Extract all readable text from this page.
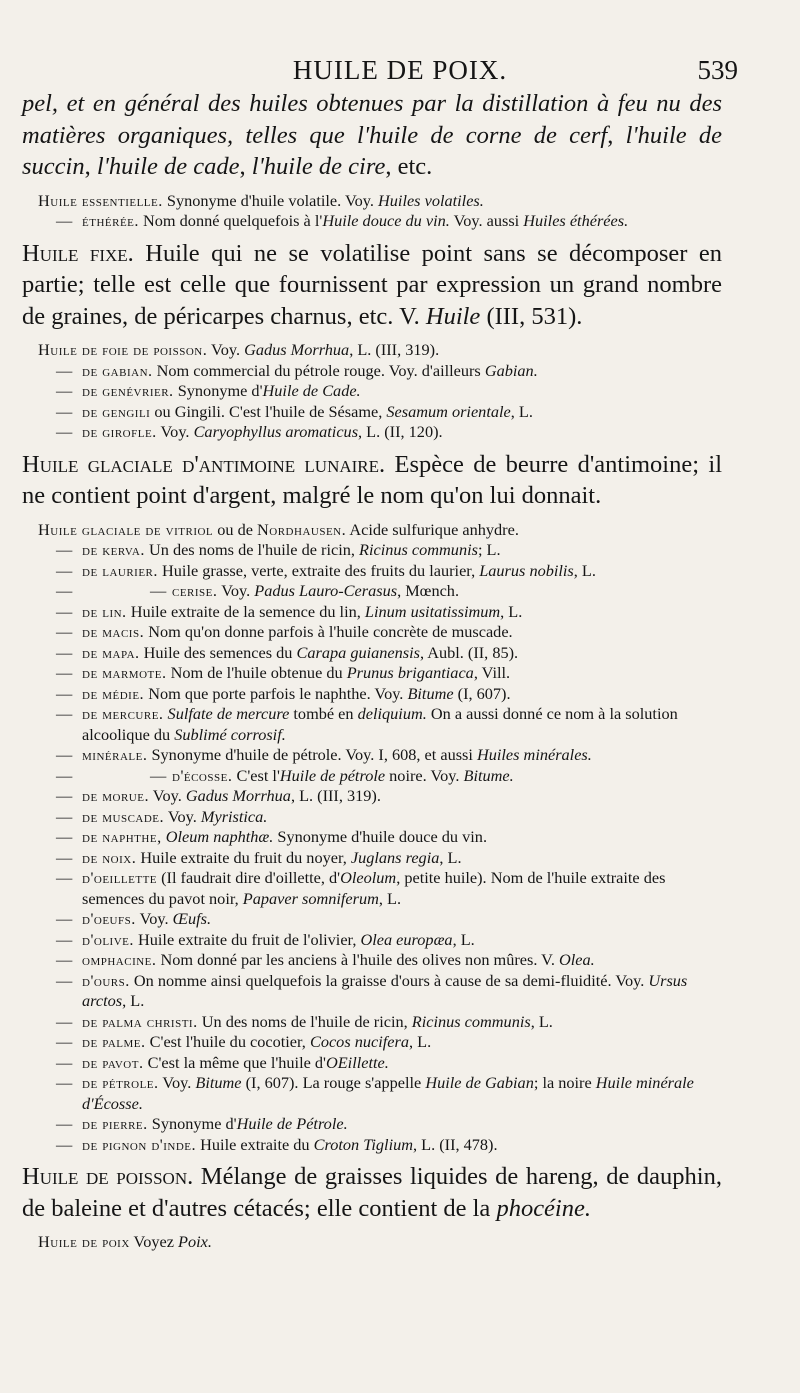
HUILE DE POIX.	539

pel, et en général des huiles obtenues par la distillation à feu nu des matières organiques, telles que l'huile de corne de cerf, l'huile de succin, l'huile de cade, l'huile de cire, etc.

Huile essentielle. Synonyme d'huile volatile. Voy. Huiles volatiles.

— éthérée. Nom donné quelquefois à l'Huile douce du vin. Voy. aussi Huiles éthérées.

Huile fixe. Huile qui ne se volatilise point sans se décomposer en partie; telle est celle que fournissent par expression un grand nombre de graines, de péricarpes charnus, etc. V. Huile (III, 531).

Huile de foie de poisson. Voy. Gadus Morrhua, L. (III, 319).

— de gabian. Nom commercial du pétrole rouge. Voy. d'ailleurs Gabian.

— de genévrier. Synonyme d'Huile de Cade.

— de gengili ou Gingili. C'est l'huile de Sésame, Sesamum orientale, L.

— de girofle. Voy. Caryophyllus aromaticus, L. (II, 120).

Huile glaciale d'antimoine lunaire. Espèce de beurre d'antimoine; il ne contient point d'argent, malgré le nom qu'on lui donnait.

Huile glaciale de vitriol ou de Nordhausen. Acide sulfurique anhydre.

— de kerva. Un des noms de l'huile de ricin, Ricinus communis; L.

— de laurier. Huile grasse, verte, extraite des fruits du laurier, Laurus nobilis, L.

—	— cerise. Voy. Padus Lauro-Cerasus, Mœnch.

— de lin. Huile extraite de la semence du lin, Linum usitatissimum, L.

— de macis. Nom qu'on donne parfois à l'huile concrète de muscade.

— de mapa. Huile des semences du Carapa guianensis, Aubl. (II, 85).

— de marmote. Nom de l'huile obtenue du Prunus brigantiaca, Vill.

— de médie. Nom que porte parfois le naphthe. Voy. Bitume (I, 607).

— de mercure. Sulfate de mercure tombé en deliquium. On a aussi donné ce nom à la solution alcoolique du Sublimé corrosif.

— minérale. Synonyme d'huile de pétrole. Voy. I, 608, et aussi Huiles minérales.

—	— d'écosse. C'est l'Huile de pétrole noire. Voy. Bitume.

— de morue. Voy. Gadus Morrhua, L. (III, 319).

— de muscade. Voy. Myristica.

— de naphthe, Oleum naphthæ. Synonyme d'huile douce du vin.

— de noix. Huile extraite du fruit du noyer, Juglans regia, L.

— d'oeillette (Il faudrait dire d'oillette, d'Oleolum, petite huile). Nom de l'huile extraite des semences du pavot noir, Papaver somniferum, L.

— d'oeufs. Voy. Œufs.

— d'olive. Huile extraite du fruit de l'olivier, Olea europæa, L.

— omphacine. Nom donné par les anciens à l'huile des olives non mûres. V. Olea.

— d'ours. On nomme ainsi quelquefois la graisse d'ours à cause de sa demi-fluidité. Voy. Ursus arctos, L.

— de palma christi. Un des noms de l'huile de ricin, Ricinus communis, L.

— de palme. C'est l'huile du cocotier, Cocos nucifera, L.

— de pavot. C'est la même que l'huile d'OEillette.

— de pétrole. Voy. Bitume (I, 607). La rouge s'appelle Huile de Gabian; la noire Huile minérale d'Écosse.

— de pierre. Synonyme d'Huile de Pétrole.

— de pignon d'inde. Huile extraite du Croton Tiglium, L. (II, 478).

Huile de poisson. Mélange de graisses liquides de hareng, de dauphin, de baleine et d'autres cétacés; elle contient de la phocéine.

Huile de poix Voyez Poix.
